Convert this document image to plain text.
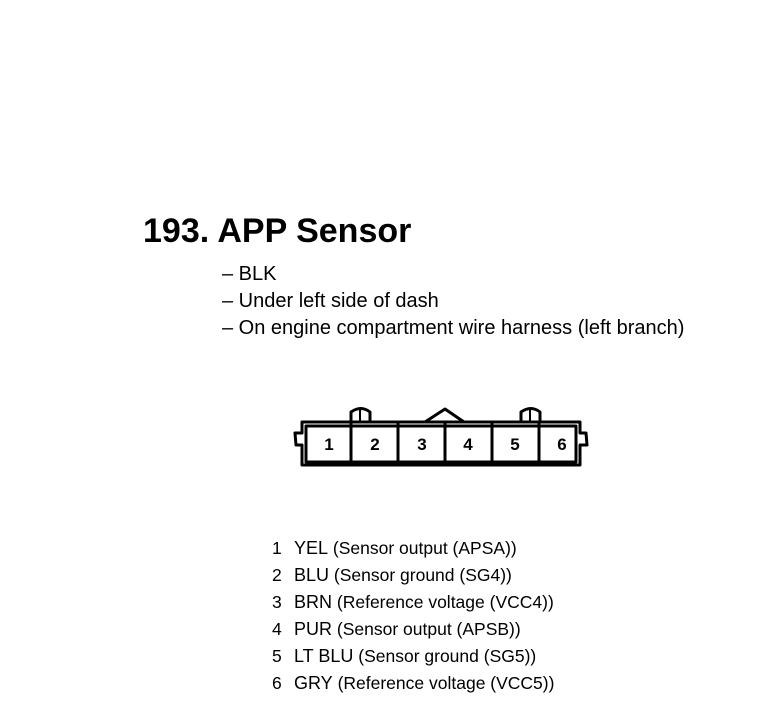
193. APP Sensor
– BLK
– Under left side of dash
– On engine compartment wire harness (left branch)
1 2 3 4 5 6
1 YEL (Sensor output (APSA))
2 BLU (Sensor ground (SG4))
3 BRN (Reference voltage (VCC4))
4 PUR (Sensor output (APSB))
5 LT BLU (Sensor ground (SG5))
6 GRY (Reference voltage (VCC5))
